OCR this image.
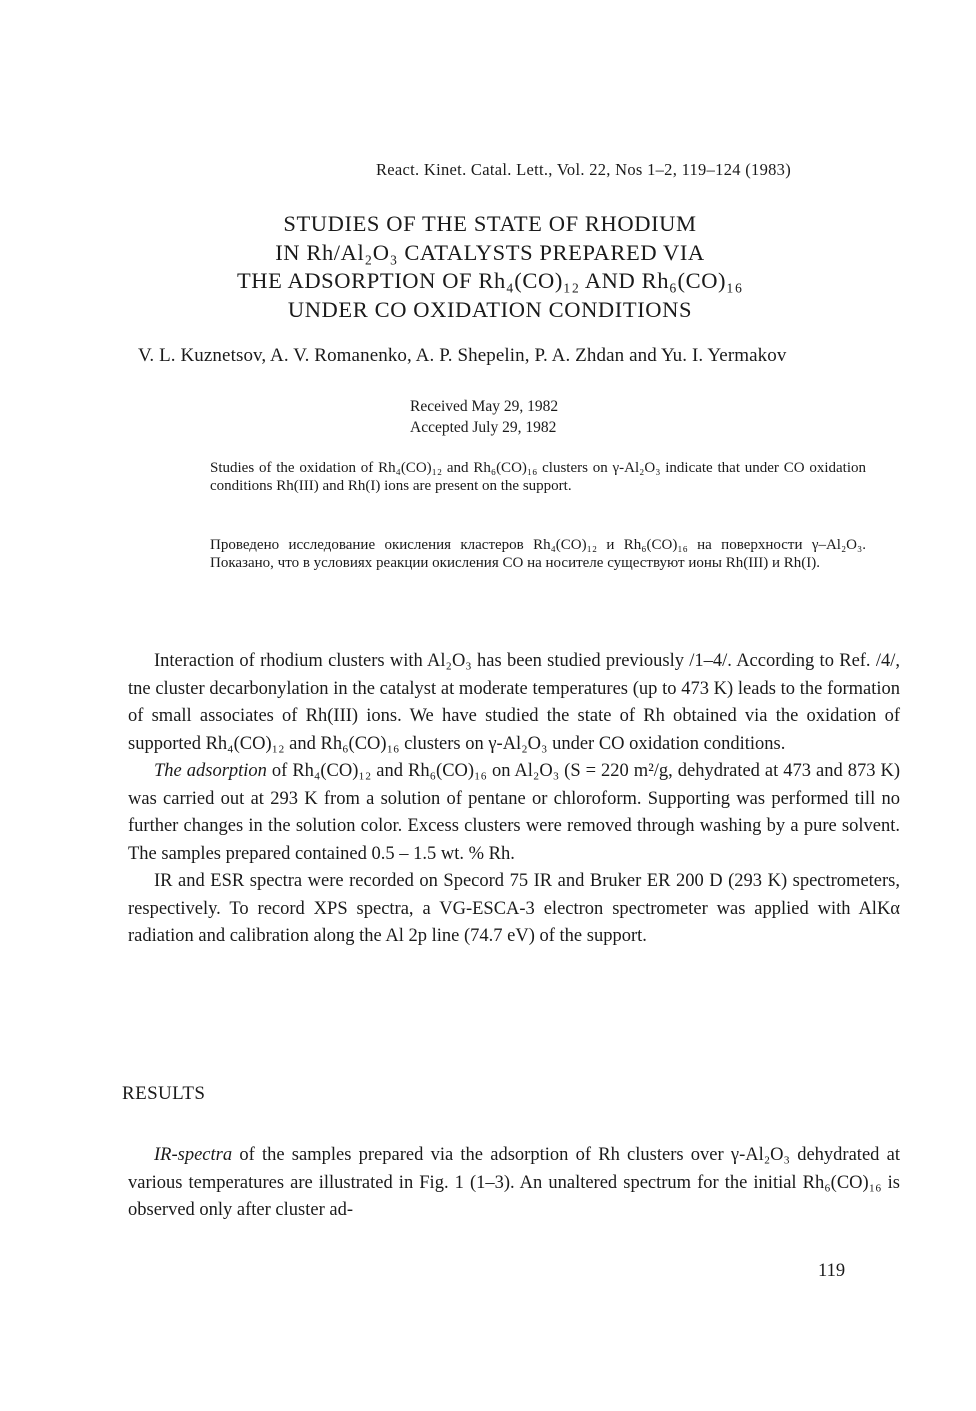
React. Kinet. Catal. Lett., Vol. 22, Nos 1–2, 119–124 (1983)
STUDIES OF THE STATE OF RHODIUM
IN Rh/Al₂O₃ CATALYSTS PREPARED VIA
THE ADSORPTION OF Rh₄(CO)₁₂ AND Rh₆(CO)₁₆
UNDER CO OXIDATION CONDITIONS
V. L. Kuznetsov, A. V. Romanenko, A. P. Shepelin, P. A. Zhdan and Yu. I. Yermakov
Received May 29, 1982
Accepted July 29, 1982
Studies of the oxidation of Rh₄(CO)₁₂ and Rh₆(CO)₁₆ clusters on γ-Al₂O₃ indicate that under CO oxidation conditions Rh(III) and Rh(I) ions are present on the support.
Проведено исследование окисления кластеров Rh₄(CO)₁₂ и Rh₆(CO)₁₆ на поверхности γ–Al₂O₃. Показано, что в условиях реакции окисления CO на носителе существуют ионы Rh(III) и Rh(I).

Interaction of rhodium clusters with Al₂O₃ has been studied previously /1–4/. According to Ref. /4/, tne cluster decarbonylation in the catalyst at moderate temperatures (up to 473 K) leads to the formation of small associates of Rh(III) ions. We have studied the state of Rh obtained via the oxidation of supported Rh₄(CO)₁₂ and Rh₆(CO)₁₆ clusters on γ-Al₂O₃ under CO oxidation conditions.

The adsorption of Rh₄(CO)₁₂ and Rh₆(CO)₁₆ on Al₂O₃ (S = 220 m²/g, dehydrated at 473 and 873 K) was carried out at 293 K from a solution of pentane or chloroform. Supporting was performed till no further changes in the solution color. Excess clusters were removed through washing by a pure solvent. The samples prepared contained 0.5 – 1.5 wt. % Rh.

IR and ESR spectra were recorded on Specord 75 IR and Bruker ER 200 D (293 K) spectrometers, respectively. To record XPS spectra, a VG-ESCA-3 electron spectrometer was applied with AlKα radiation and calibration along the Al 2p line (74.7 eV) of the support.

RESULTS

IR-spectra of the samples prepared via the adsorption of Rh clusters over γ-Al₂O₃ dehydrated at various temperatures are illustrated in Fig. 1 (1–3). An unaltered spectrum for the initial Rh₆(CO)₁₆ is observed only after cluster ad-

119
